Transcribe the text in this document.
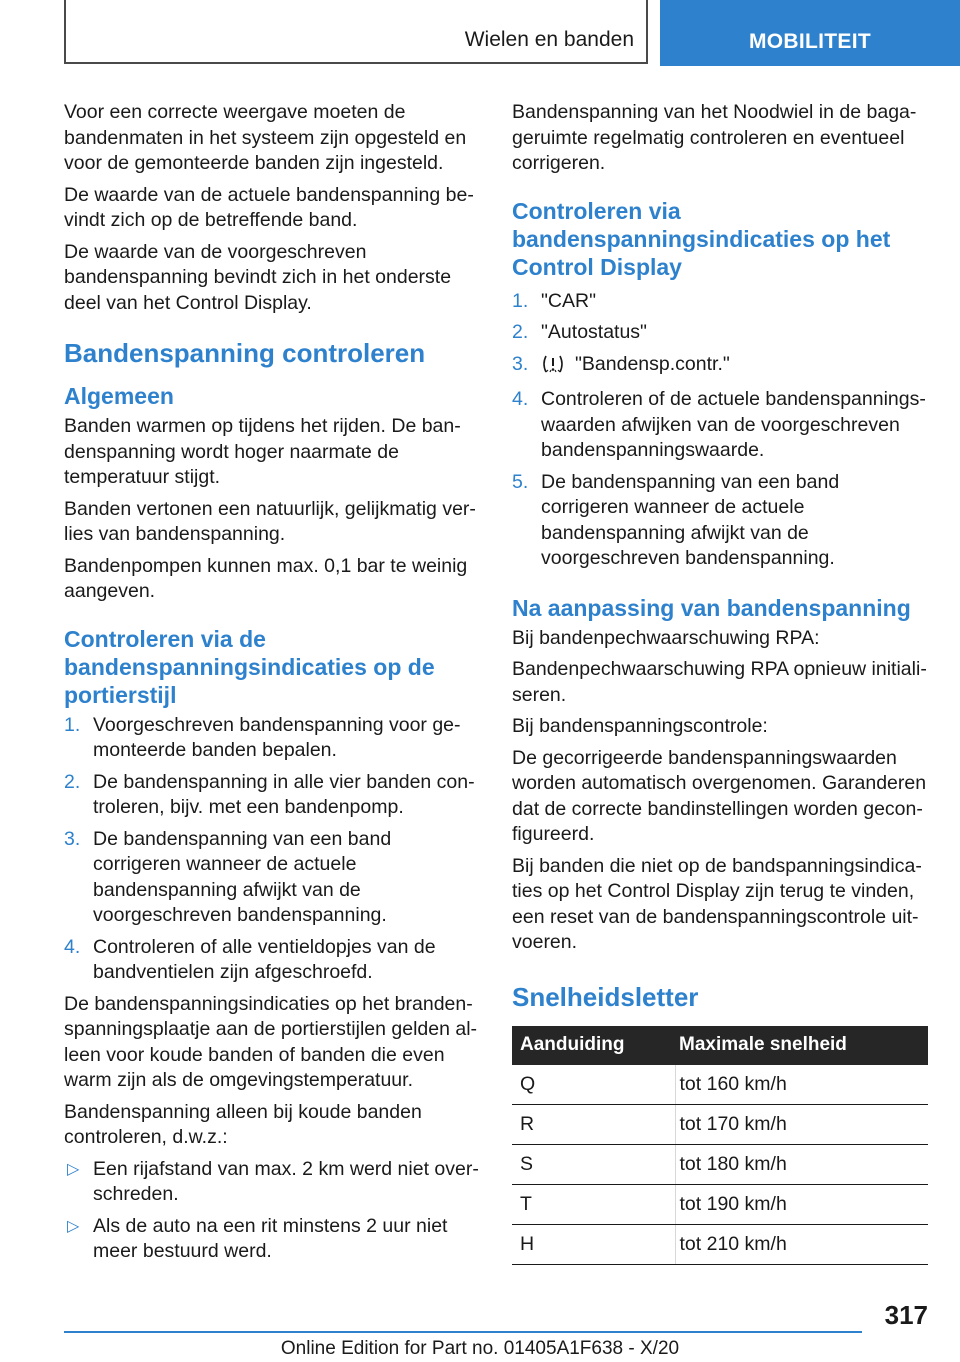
Wielen en banden	MOBILITEIT

Voor een correcte weergave moeten de bandenmaten in het systeem zijn opgesteld en voor de gemonteerde banden zijn ingesteld.

De waarde van de actuele bandenspanning bevindt zich op de betreffende band.

De waarde van de voorgeschreven bandenspanning bevindt zich in het onderste deel van het Control Display.

Bandenspanning controleren
Algemeen

Banden warmen op tijdens het rijden. De bandenspanning wordt hoger naarmate de temperatuur stijgt.

Banden vertonen een natuurlijk, gelijkmatig verlies van bandenspanning.

Bandenpompen kunnen max. 0,1 bar te weinig aangeven.

Controleren via de bandenspanningsindicaties op de portierstijl
1. Voorgeschreven bandenspanning voor gemonteerde banden bepalen.
2. De bandenspanning in alle vier banden controleren, bijv. met een bandenpomp.
3. De bandenspanning van een band corrigeren wanneer de actuele bandenspanning afwijkt van de voorgeschreven bandenspanning.
4. Controleren of alle ventieldopjes van de bandventielen zijn afgeschroefd.

De bandenspanningsindicaties op het brandenspanningsplaatje aan de portierstijlen gelden alleen voor koude banden of banden die even warm zijn als de omgevingstemperatuur.

Bandenspanning alleen bij koude banden controleren, d.w.z.:

▷ Een rijafstand van max. 2 km werd niet overschreden.
▷ Als de auto na een rit minstens 2 uur niet meer bestuurd werd.

Bandenspanning van het Noodwiel in de bagageruimte regelmatig controleren en eventueel corrigeren.

Controleren via bandenspanningsindicaties op het Control Display
1. "CAR"
2. "Autostatus"
3. "Bandensp.contr."
4. Controleren of de actuele bandenspanningswaarden afwijken van de voorgeschreven bandenspanningswaarde.
5. De bandenspanning van een band corrigeren wanneer de actuele bandenspanning afwijkt van de voorgeschreven bandenspanning.
Na aanpassing van bandenspanning

Bij bandenpechwaarschuwing RPA:

Bandenpechwaarschuwing RPA opnieuw initialiseren.

Bij bandenspanningscontrole:

De gecorrigeerde bandenspanningswaarden worden automatisch overgenomen. Garanderen dat de correcte bandinstellingen worden geconfigureerd.

Bij banden die niet op de bandspanningsindicaties op het Control Display zijn terug te vinden, een reset van de bandenspanningscontrole uitvoeren.

Snelheidsletter
Aanduiding	Maximale snelheid
Q	tot 160 km/h
R	tot 170 km/h
S	tot 180 km/h
T	tot 190 km/h
H	tot 210 km/h
317
Online Edition for Part no. 01405A1F638 - X/20
